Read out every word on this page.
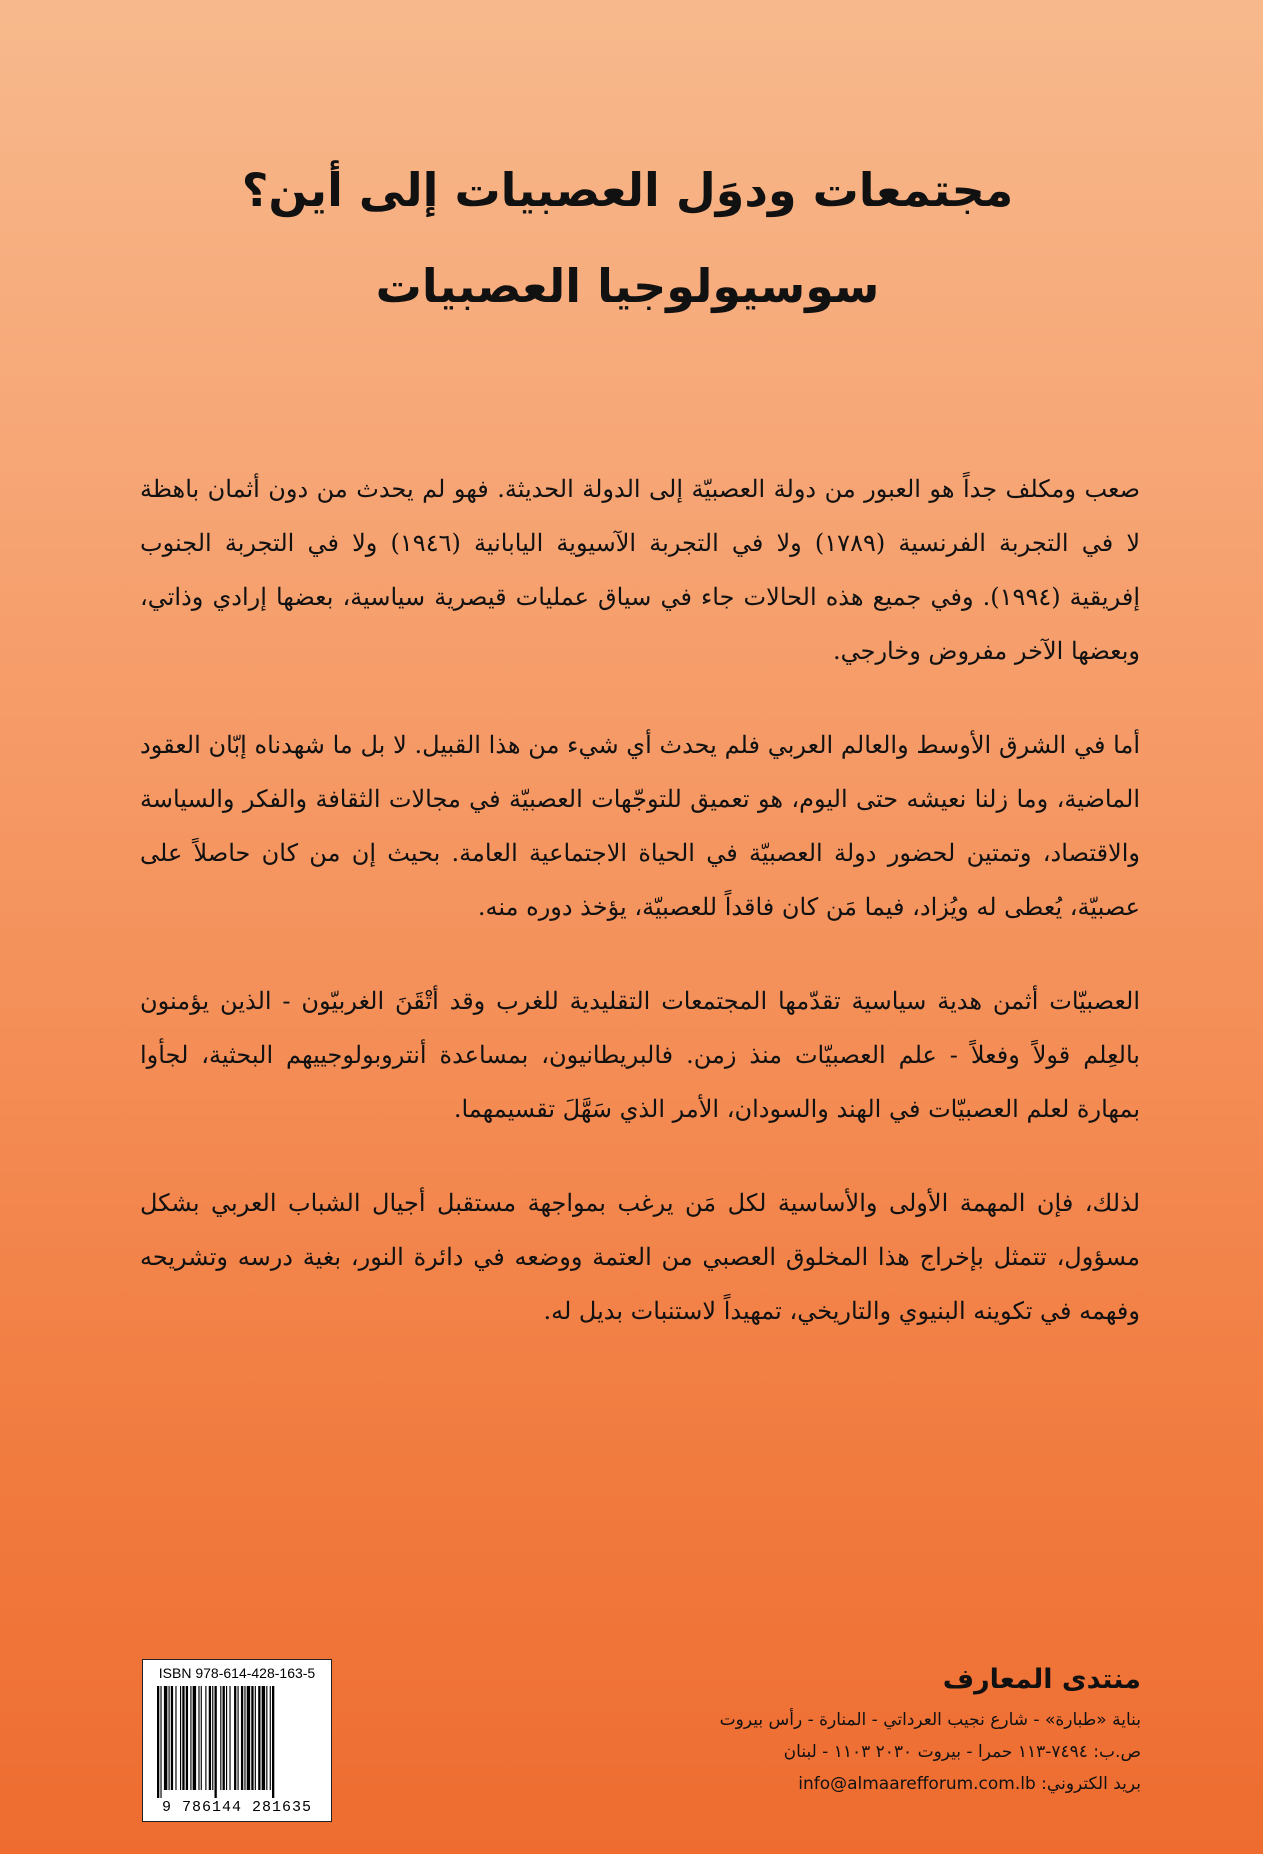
مجتمعات ودوَل العصبيات إلى أين؟
سوسيولوجيا العصبيات

صعب ومكلف جداً هو العبور من دولة العصبيّة إلى الدولة الحديثة. فهو لم يحدث من دون أثمان باهظة لا في التجربة الفرنسية (١٧٨٩) ولا في التجربة الآسيوية اليابانية (١٩٤٦) ولا في التجربة الجنوب إفريقية (١٩٩٤). وفي جميع هذه الحالات جاء في سياق عمليات قيصرية سياسية، بعضها إرادي وذاتي، وبعضها الآخر مفروض وخارجي.

أما في الشرق الأوسط والعالم العربي فلم يحدث أي شيء من هذا القبيل. لا بل ما شهدناه إبّان العقود الماضية، وما زلنا نعيشه حتى اليوم، هو تعميق للتوجّهات العصبيّة في مجالات الثقافة والفكر والسياسة والاقتصاد، وتمتين لحضور دولة العصبيّة في الحياة الاجتماعية العامة. بحيث إن من كان حاصلاً على عصبيّة، يُعطى له ويُزاد، فيما مَن كان فاقداً للعصبيّة، يؤخذ دوره منه.

العصبيّات أثمن هدية سياسية تقدّمها المجتمعات التقليدية للغرب وقد أتْقَنَ الغربيّون - الذين يؤمنون بالعِلم قولاً وفعلاً - علم العصبيّات منذ زمن. فالبريطانيون، بمساعدة أنتروبولوجييهم البحثية، لجأوا بمهارة لعلم العصبيّات في الهند والسودان، الأمر الذي سَهَّلَ تقسيمهما.

لذلك، فإن المهمة الأولى والأساسية لكل مَن يرغب بمواجهة مستقبل أجيال الشباب العربي بشكل مسؤول، تتمثل بإخراج هذا المخلوق العصبي من العتمة ووضعه في دائرة النور، بغية درسه وتشريحه وفهمه في تكوينه البنيوي والتاريخي، تمهيداً لاستنبات بديل له.

ISBN 978-614-428-163-5
9 786144 281635
منتدى المعارف
بناية «طبارة» - شارع نجيب العرداتي - المنارة - رأس بيروت
ص.ب: ٧٤٩٤-١١٣ حمرا - بيروت ٢٠٣٠ ١١٠٣ - لبنان
بريد الكتروني: info@almaarefforum.com.lb
